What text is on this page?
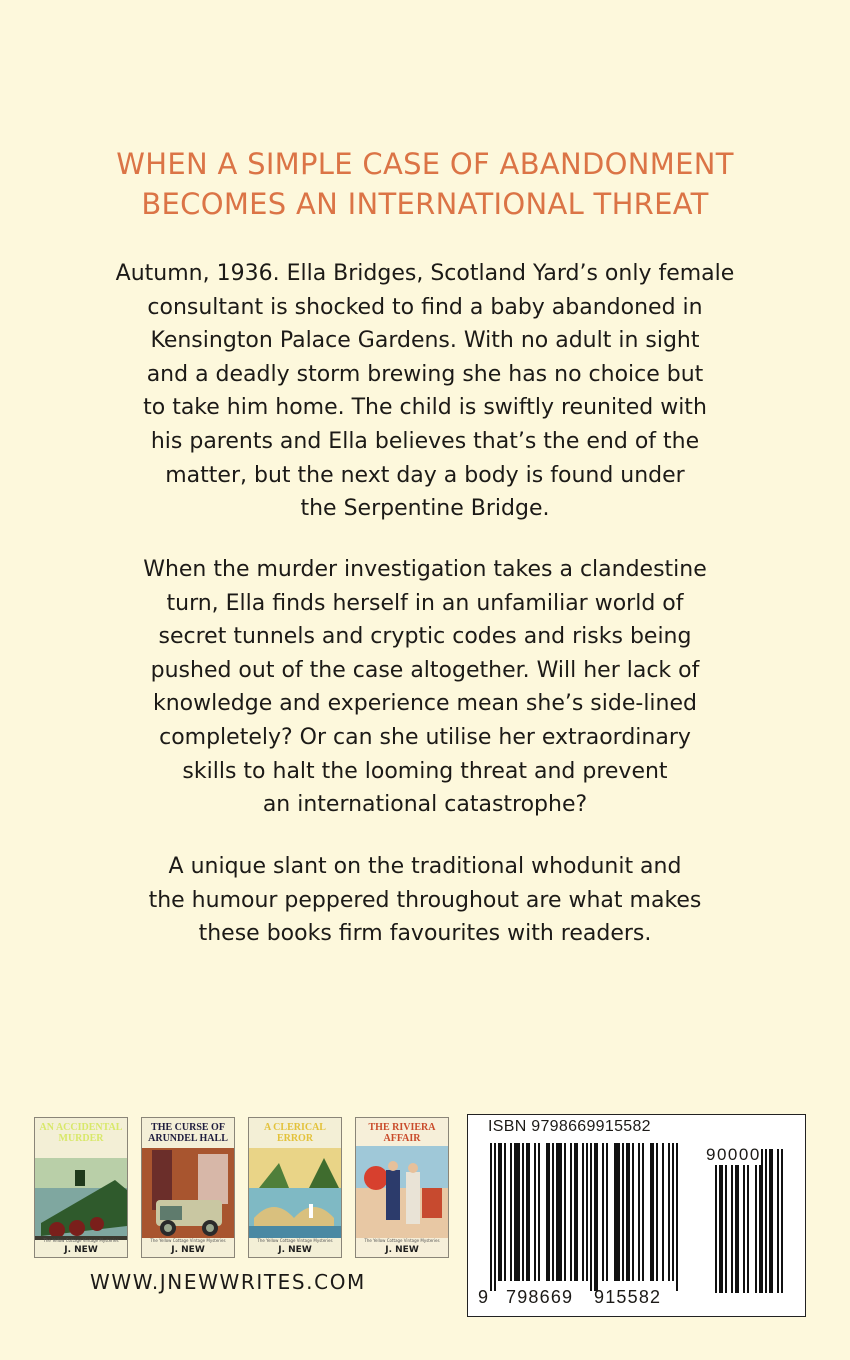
WHEN A SIMPLE CASE OF ABANDONMENT
BECOMES AN INTERNATIONAL THREAT
Autumn, 1936. Ella Bridges, Scotland Yard’s only female
consultant is shocked to find a baby abandoned in
Kensington Palace Gardens. With no adult in sight
and a deadly storm brewing she has no choice but
to take him home. The child is swiftly reunited with
his parents and Ella believes that’s the end of the
matter, but the next day a body is found under
the Serpentine Bridge.
When the murder investigation takes a clandestine
turn, Ella finds herself in an unfamiliar world of
secret tunnels and cryptic codes and risks being
pushed out of the case altogether. Will her lack of
knowledge and experience mean she’s side-lined
completely? Or can she utilise her extraordinary
skills to halt the looming threat and prevent
an international catastrophe?
A unique slant on the traditional whodunit and
the humour peppered throughout are what makes
these books firm favourites with readers.
AN ACCIDENTAL MURDER
The Yellow Cottage Vintage Mysteries
J. NEW
THE CURSE OF ARUNDEL HALL
The Yellow Cottage Vintage Mysteries
J. NEW
A CLERICAL ERROR
The Yellow Cottage Vintage Mysteries
J. NEW
THE RIVIERA AFFAIR
The Yellow Cottage Vintage Mysteries
J. NEW
WWW.JNEWWRITES.COM
ISBN 9798669915582
90000
9 798669 915582
